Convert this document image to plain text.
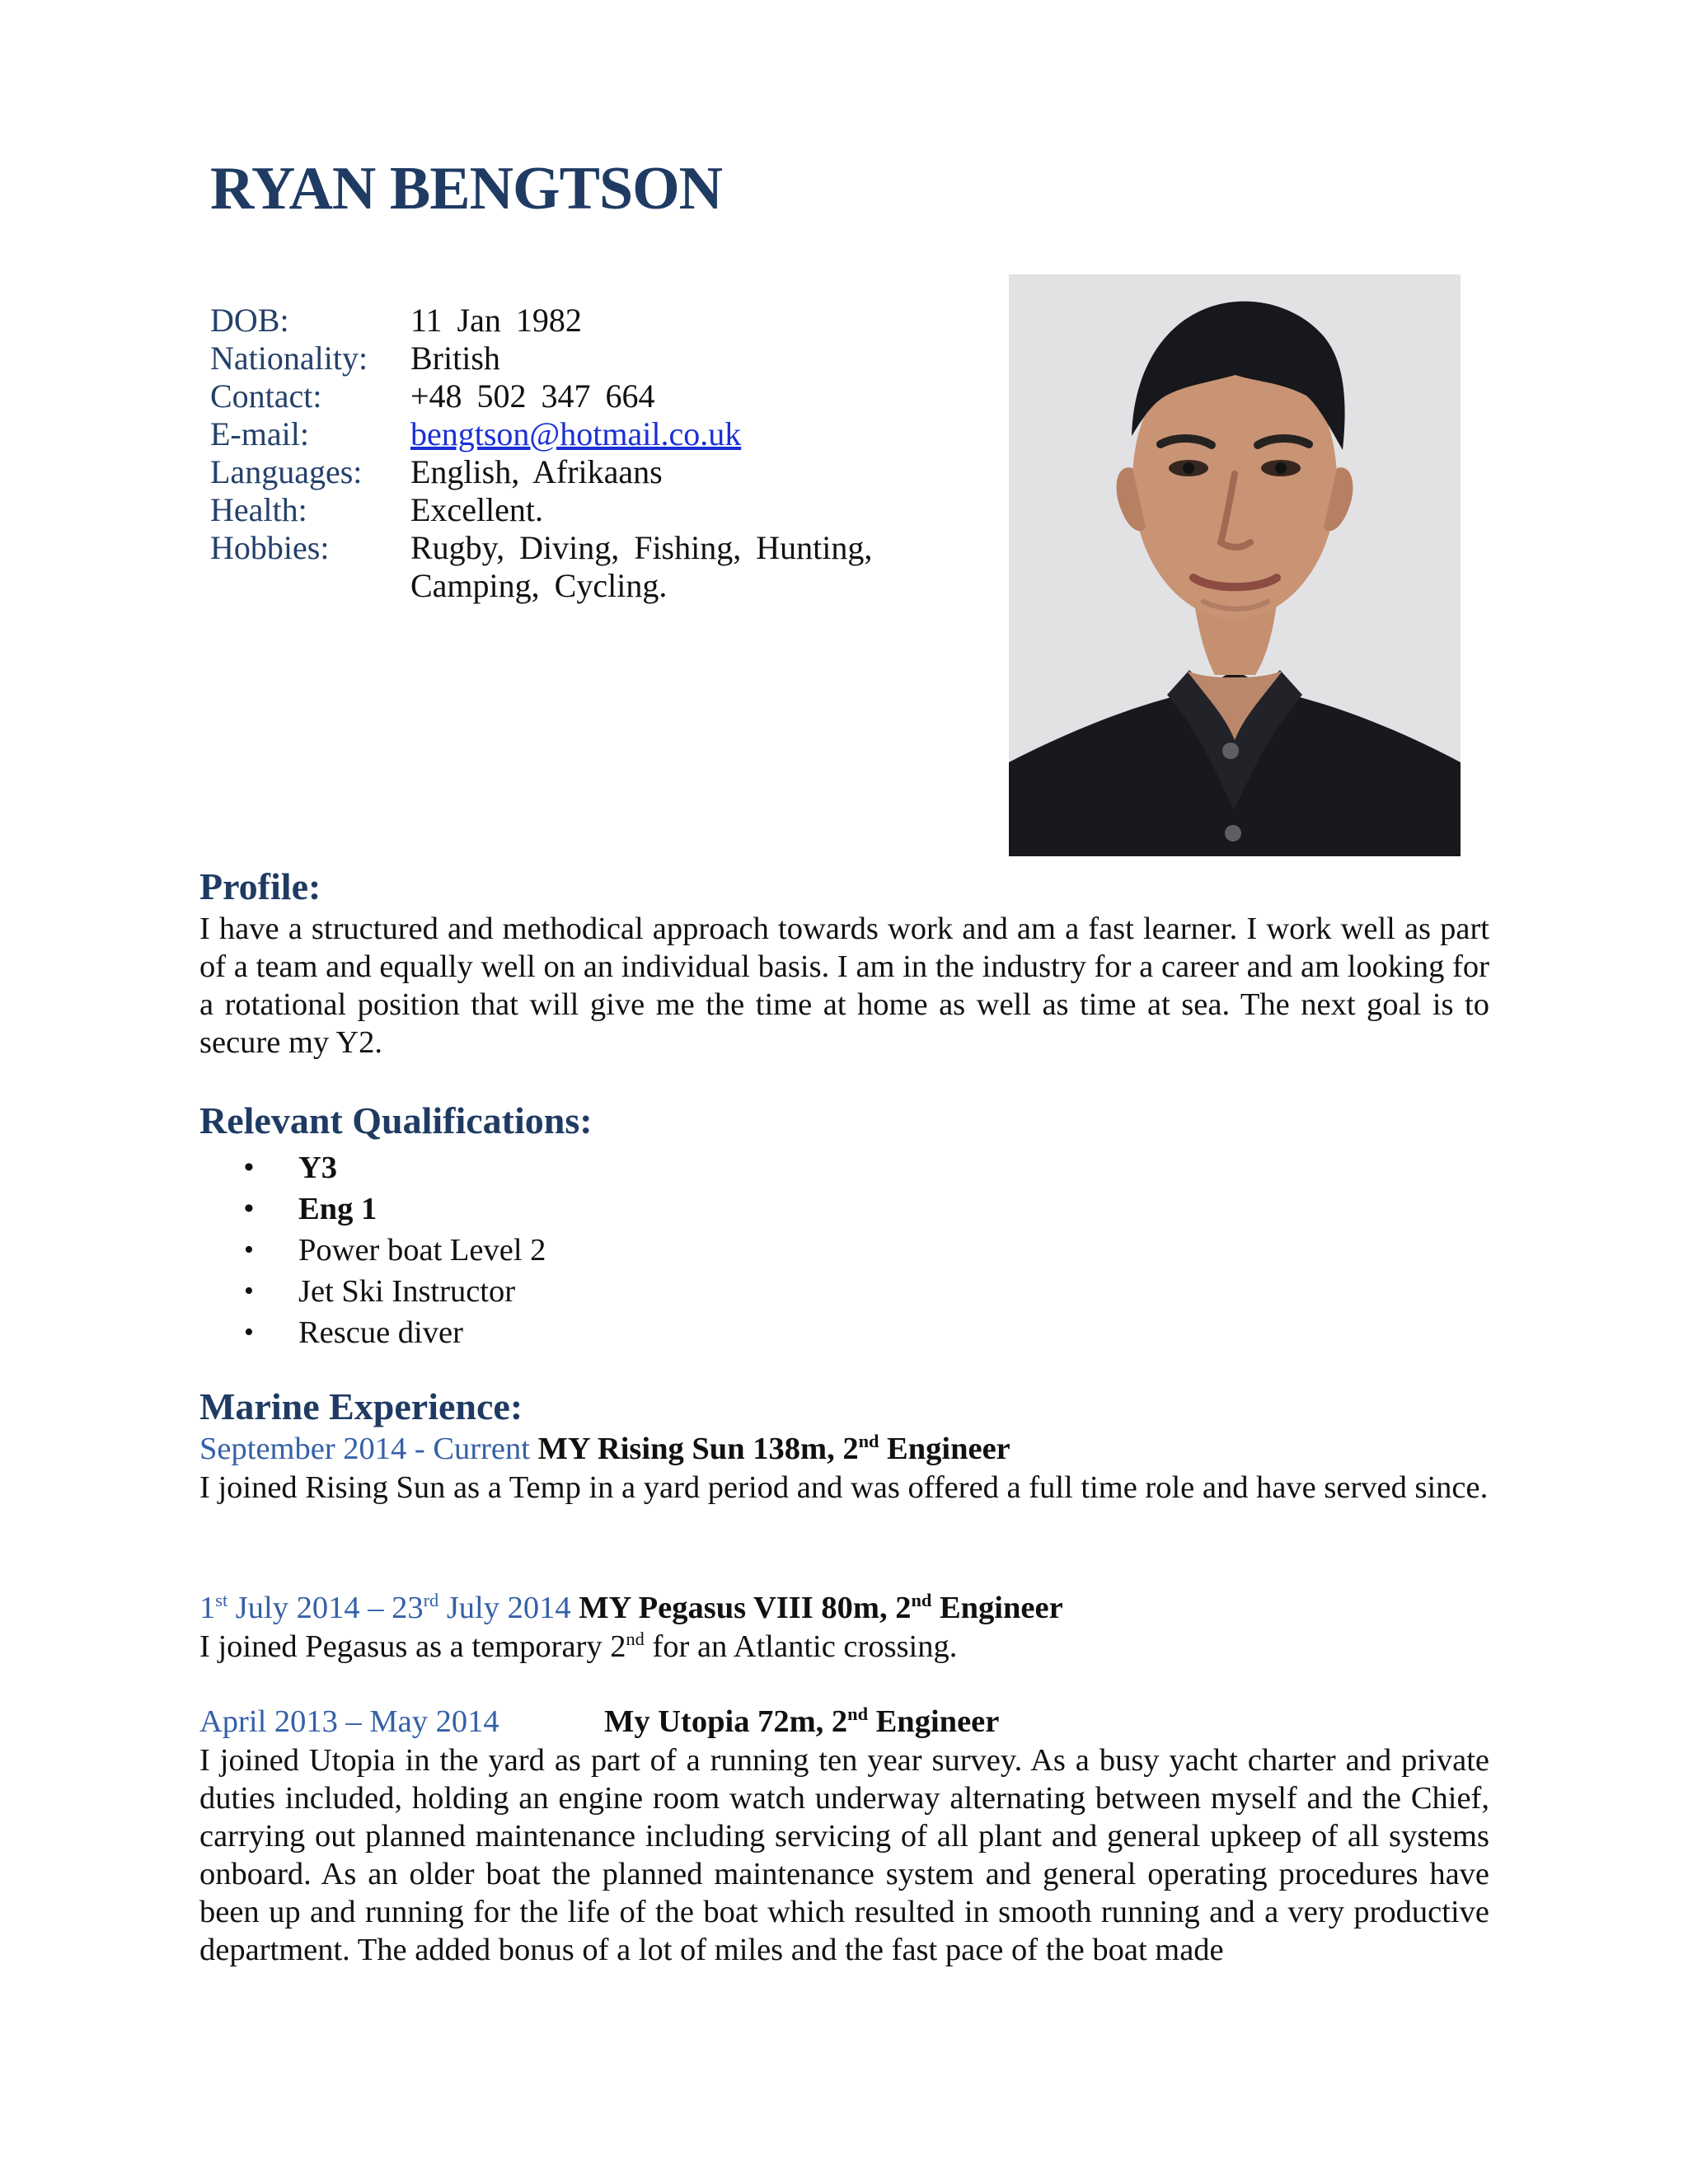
RYAN BENGTSON
DOB:	11 Jan 1982
Nationality:	British
Contact:	+48 502 347 664
E-mail:	bengtson@hotmail.co.uk
Languages:	English, Afrikaans
Health:	Excellent.
Hobbies:	Rugby, Diving, Fishing, Hunting,
Camping, Cycling.
Profile:
I have a structured and methodical approach towards work and am a fast learner. I work well as part of a team and equally well on an individual basis. I am in the industry for a career and am looking for a rotational position that will give me the time at home as well as time at sea. The next goal is to secure my Y2.
Relevant Qualifications:
• Y3
• Eng 1
• Power boat Level 2
• Jet Ski Instructor
• Rescue diver
Marine Experience:
September 2014 - Current MY Rising Sun 138m, 2nd Engineer
I joined Rising Sun as a Temp in a yard period and was offered a full time role and have served since.
1st July 2014 – 23rd July 2014 MY Pegasus VIII 80m, 2nd Engineer
I joined Pegasus as a temporary 2nd for an Atlantic crossing.
April 2013 – May 2014	My Utopia 72m, 2nd Engineer
I joined Utopia in the yard as part of a running ten year survey. As a busy yacht charter and private duties included, holding an engine room watch underway alternating between myself and the Chief, carrying out planned maintenance including servicing of all plant and general upkeep of all systems onboard. As an older boat the planned maintenance system and general operating procedures have been up and running for the life of the boat which resulted in smooth running and a very productive department. The added bonus of a lot of miles and the fast pace of the boat made
